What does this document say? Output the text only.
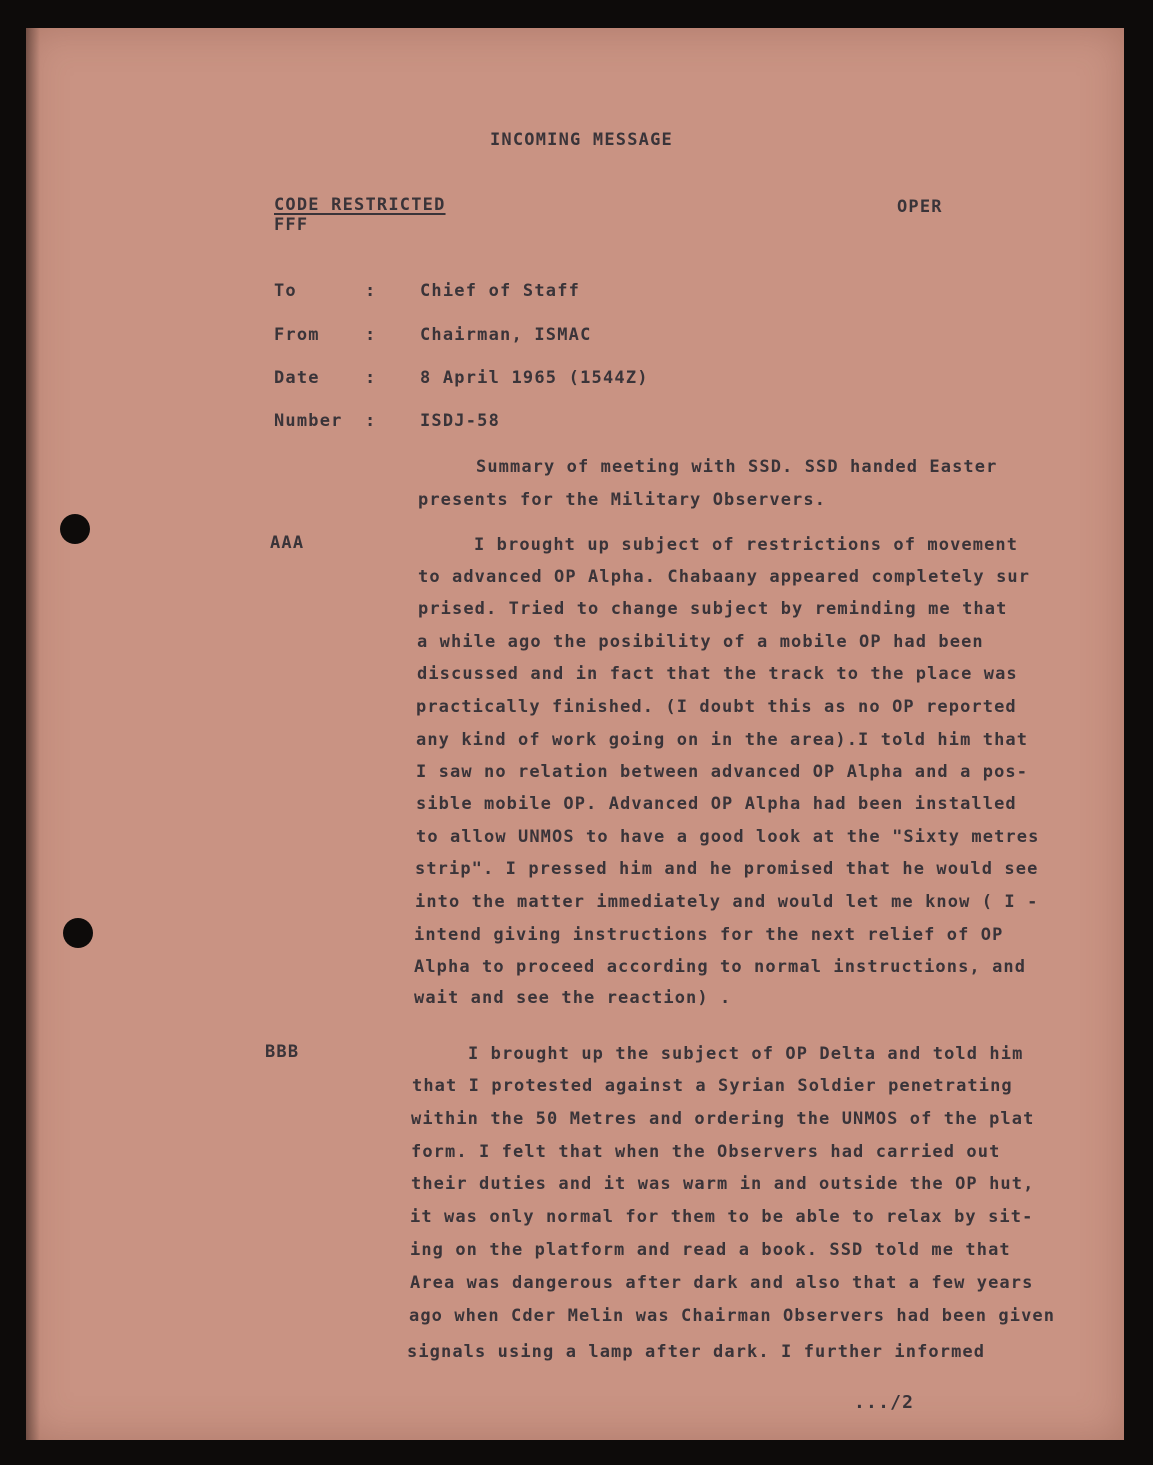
INCOMING MESSAGE
CODE RESTRICTED
FFF
OPER
To	:	Chief of Staff
From	:	Chairman, ISMAC
Date	:	8 April 1965 (1544Z)
Number :	ISDJ-58
Summary of meeting with SSD. SSD handed Easter
presents for the Military Observers.
AAA	I brought up subject of restrictions of movement
to advanced OP Alpha. Chabaany appeared completely sur
prised. Tried to change subject by reminding me that
a while ago the posibility of a mobile OP had been
discussed and in fact that the track to the place was
practically finished. (I doubt this as no OP reported
any kind of work going on in the area).I told him that
I saw no relation between advanced OP Alpha and a pos-
sible mobile OP. Advanced OP Alpha had been installed
to allow UNMOS to have a good look at the "Sixty metres
strip". I pressed him and he promised that he would see
into the matter immediately and would let me know ( I -
intend giving instructions for the next relief of OP
Alpha to proceed according to normal instructions, and
wait and see the reaction) .
BBB	I brought up the subject of OP Delta and told him
that I protested against a Syrian Soldier penetrating
within the 50 Metres and ordering the UNMOS of the plat
form. I felt that when the Observers had carried out
their duties and it was warm in and outside the OP hut,
it was only normal for them to be able to relax by sit-
ing on the platform and read a book. SSD told me that
Area was dangerous after dark and also that a few years
ago when Cder Melin was Chairman Observers had been given
signals using a lamp after dark. I further informed
.../2
